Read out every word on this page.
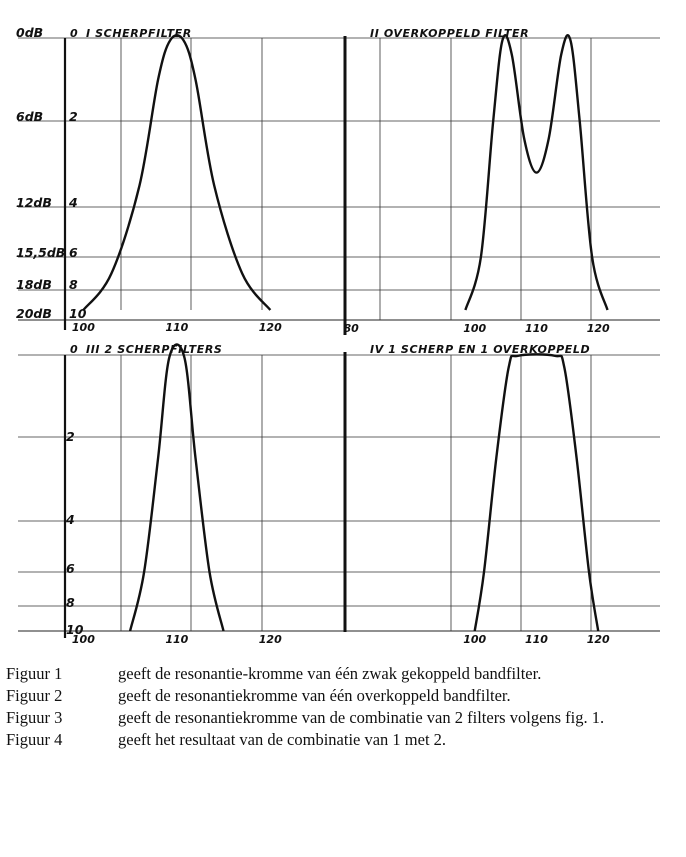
100	110	120
0 I SCHERPFILTER
80	100	110	120
II OVERKOPPELD FILTER
100	110	120
0 III 2 SCHERPFILTERS
100	110	120
IV 1 SCHERP EN 1 OVERKOPPELD
0dB
6dB
12dB
15,5dB
18dB
20dB
2
4
6
8
10
2
4
6
8
10
Figuur 1	geeft de resonantie-kromme van één zwak gekoppeld bandfilter.
Figuur 2	geeft de resonantiekromme van één overkoppeld bandfilter.
Figuur 3	geeft de resonantiekromme van de combinatie van 2 filters volgens fig. 1.
Figuur 4	geeft het resultaat van de combinatie van 1 met 2.
